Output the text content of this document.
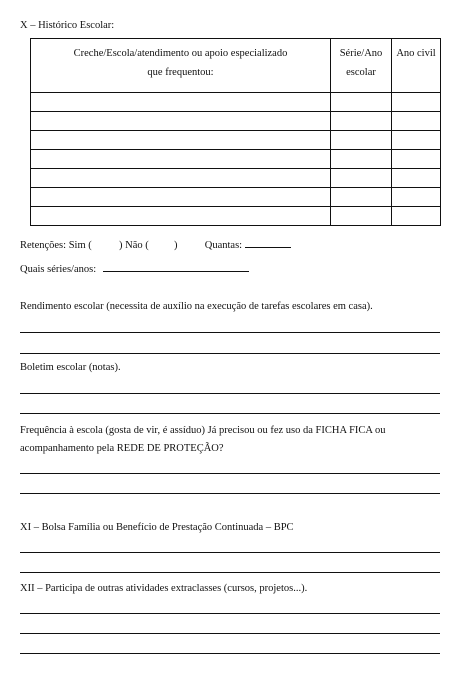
X – Histórico Escolar:
Creche/Escola/atendimento ou apoio especializado que frequentou:	Série/Ano escolar	Ano civil

Retenções: Sim (	) Não ( )	Quantas:
Quais séries/anos:
Rendimento escolar (necessita de auxílio na execução de tarefas escolares em casa).
Boletim escolar (notas).
Frequência à escola (gosta de vir, é assíduo) Já precisou ou fez uso da FICHA FICA ou
acompanhamento pela REDE DE PROTEÇÃO?
XI – Bolsa Família ou Benefício de Prestação Continuada – BPC
XII – Participa de outras atividades extraclasses (cursos, projetos...).
